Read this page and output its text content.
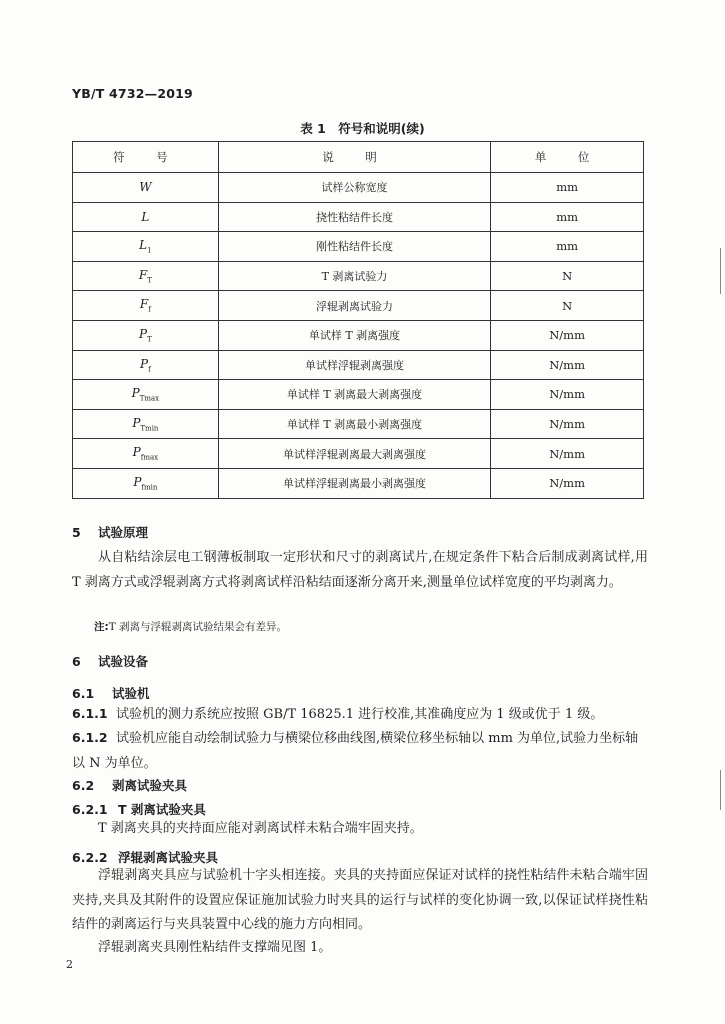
YB/T 4732—2019
表 1　符号和说明(续)
符　号	说　明	单　位
W	试样公称宽度	mm
L	挠性粘结件长度	mm
$L_1$	刚性粘结件长度	mm
$F_T$	T 剥离试验力	N
$F_f$	浮辊剥离试验力	N
$P_T$	单试样 T 剥离强度	N/mm
$P_f$	单试样浮辊剥离强度	N/mm
$P_{Tmax}$	单试样 T 剥离最大剥离强度	N/mm
$P_{Tmin}$	单试样 T 剥离最小剥离强度	N/mm
$P_{fmax}$	单试样浮辊剥离最大剥离强度	N/mm
$P_{fmin}$	单试样浮辊剥离最小剥离强度	N/mm
5 试验原理
从自粘结涂层电工钢薄板制取一定形状和尺寸的剥离试片,在规定条件下粘合后制成剥离试样,用 T 剥离方式或浮辊剥离方式将剥离试样沿粘结面逐渐分离开来,测量单位试样宽度的平均剥离力。
注:T 剥离与浮辊剥离试验结果会有差异。
6 试验设备
6.1 试验机
6.1.1 试验机的测力系统应按照 GB/T 16825.1 进行校准,其准确度应为 1 级或优于 1 级。
6.1.2 试验机应能自动绘制试验力与横梁位移曲线图,横梁位移坐标轴以 mm 为单位,试验力坐标轴以 N 为单位。
6.2 剥离试验夹具
6.2.1 T 剥离试验夹具
T 剥离夹具的夹持面应能对剥离试样未粘合端牢固夹持。
6.2.2 浮辊剥离试验夹具
浮辊剥离夹具应与试验机十字头相连接。夹具的夹持面应保证对试样的挠性粘结件未粘合端牢固夹持,夹具及其附件的设置应保证施加试验力时夹具的运行与试样的变化协调一致,以保证试样挠性粘结件的剥离运行与夹具装置中心线的施力方向相同。
浮辊剥离夹具刚性粘结件支撑端见图 1。
2
